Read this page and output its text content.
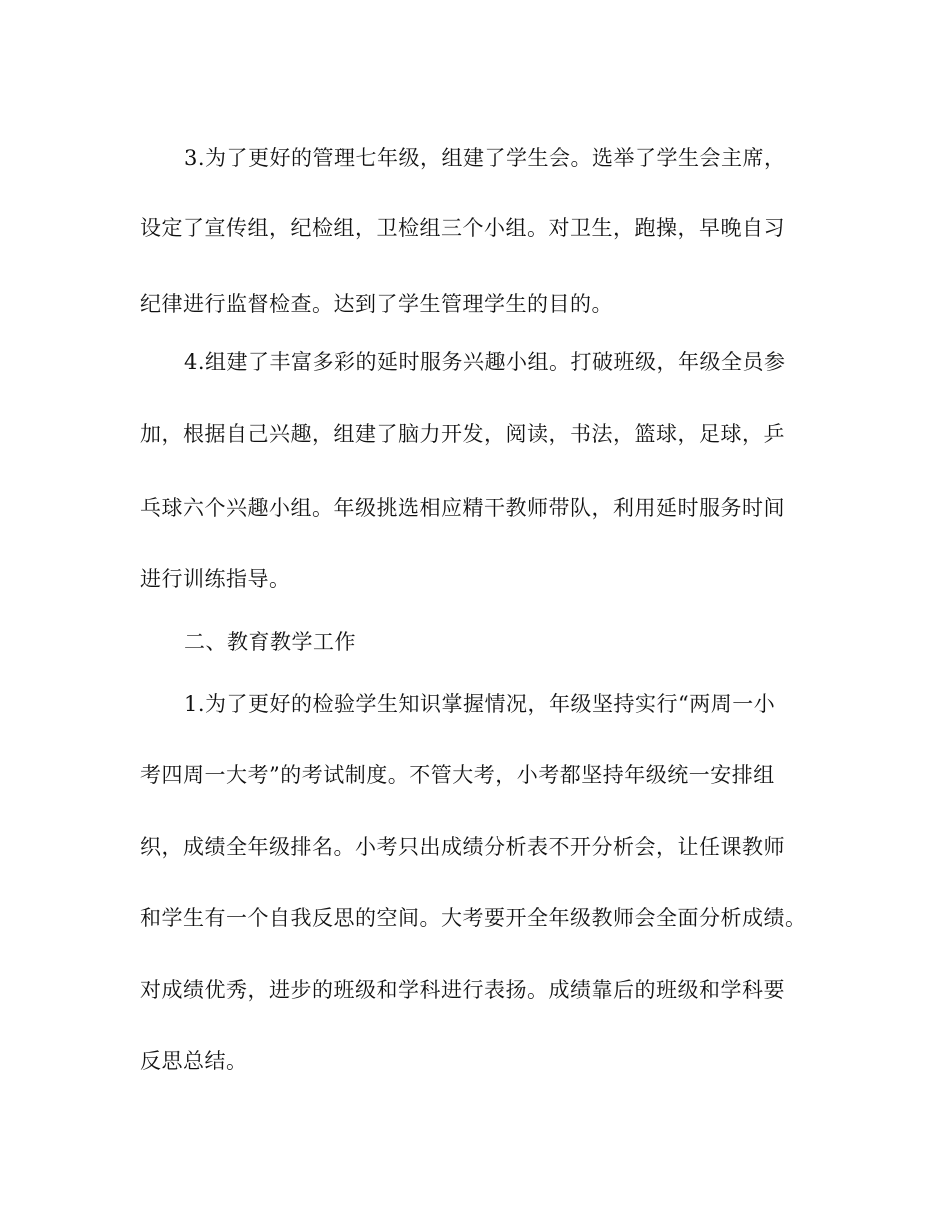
3.为了更好的管理七年级，组建了学生会。选举了学生会主席，

设定了宣传组，纪检组，卫检组三个小组。对卫生，跑操，早晚自习

纪律进行监督检查。达到了学生管理学生的目的。

4.组建了丰富多彩的延时服务兴趣小组。打破班级，年级全员参

加，根据自己兴趣，组建了脑力开发，阅读，书法，篮球，足球，乒

乓球六个兴趣小组。年级挑选相应精干教师带队，利用延时服务时间

进行训练指导。

二、教育教学工作

1.为了更好的检验学生知识掌握情况，年级坚持实行“两周一小

考四周一大考”的考试制度。不管大考，小考都坚持年级统一安排组

织，成绩全年级排名。小考只出成绩分析表不开分析会，让任课教师

和学生有一个自我反思的空间。大考要开全年级教师会全面分析成绩。

对成绩优秀，进步的班级和学科进行表扬。成绩靠后的班级和学科要

反思总结。
